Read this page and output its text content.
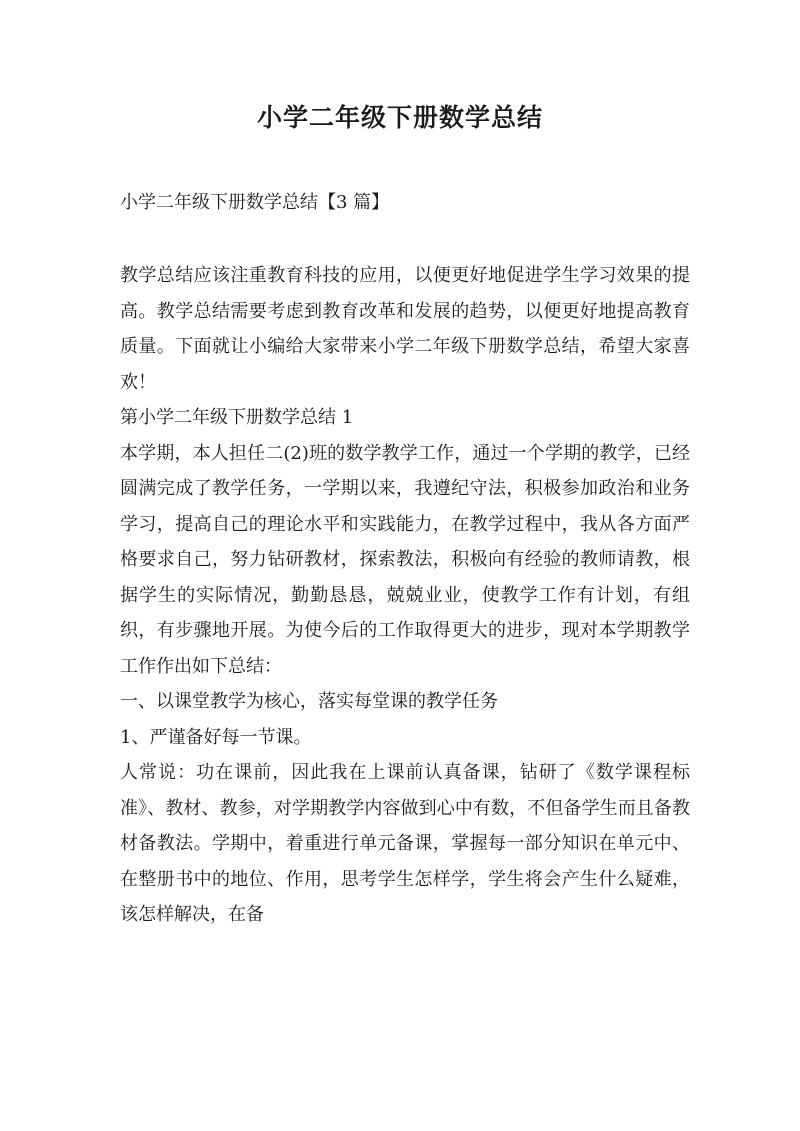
小学二年级下册数学总结
小学二年级下册数学总结【3 篇】

教学总结应该注重教育科技的应用，以便更好地促进学生学习效果的提高。教学总结需要考虑到教育改革和发展的趋势，以便更好地提高教育质量。下面就让小编给大家带来小学二年级下册数学总结，希望大家喜欢！

第小学二年级下册数学总结 1

本学期，本人担任二(2)班的数学教学工作，通过一个学期的教学，已经圆满完成了教学任务，一学期以来，我遵纪守法，积极参加政治和业务学习，提高自己的理论水平和实践能力，在教学过程中，我从各方面严格要求自己，努力钻研教材，探索教法，积极向有经验的教师请教，根据学生的实际情况，勤勤恳恳，兢兢业业，使教学工作有计划，有组织，有步骤地开展。为使今后的工作取得更大的进步，现对本学期教学工作作出如下总结：

一、以课堂教学为核心，落实每堂课的教学任务

1、严谨备好每一节课。

人常说：功在课前，因此我在上课前认真备课，钻研了《数学课程标准》、教材、教参，对学期教学内容做到心中有数，不但备学生而且备教材备教法。学期中，着重进行单元备课，掌握每一部分知识在单元中、在整册书中的地位、作用，思考学生怎样学，学生将会产生什么疑难，该怎样解决，在备
